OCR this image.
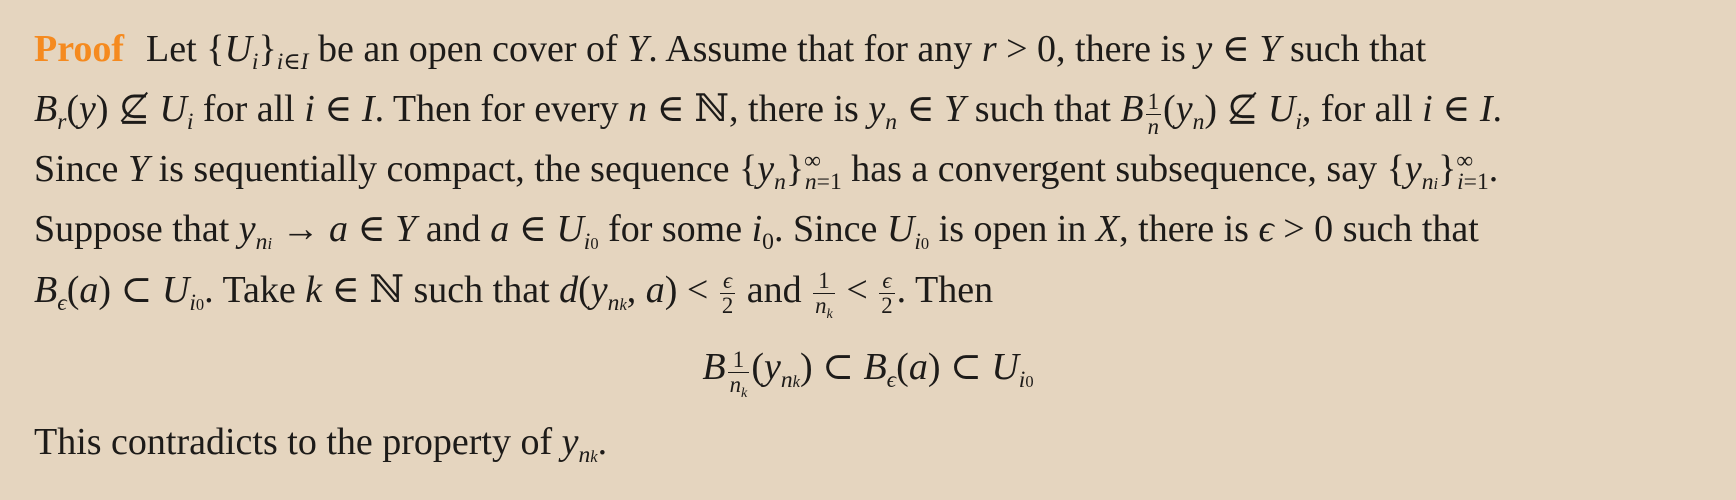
Proof Let $\{U_i\}_{i\in I}$ be an open cover of Y. Assume that for any r > 0, there is y ∈ Y such that
$B_r(y)$ ⊈ $U_i$ for all i ∈ I. Then for every n ∈ ℕ, there is $y_n$ ∈ Y such that B $\frac{1}{n} (y_n)$ ⊈ $U_i$, for all i ∈ I.
Since Y is sequentially compact, the sequence $\{y_n\}^\infty_{n=1}$ has a convergent subsequence, say $\{y_{ni}\}^\infty_{i=1}$.
Suppose that $y_{ni} \to a$ ∈ Y and a ∈ $U_{i0}$ for some $i_0$. Since $U_{i0}$ is open in X, there is ϵ > 0 such that
$B_\epsilon(a)$ ⊂ $U_{i0}$. Take k ∈ ℕ such that $d(y_{nk}$, $a) < \frac{\epsilon}{2}$ and $\frac{1}{n_k} < \frac{\epsilon}{2}$ . Then
B $\frac{1}{n_k} (y_{nk})$ ⊂ $B_\epsilon(a)$ ⊂ $U_{i0}$
This contradicts to the property of $y_{nk}$.
